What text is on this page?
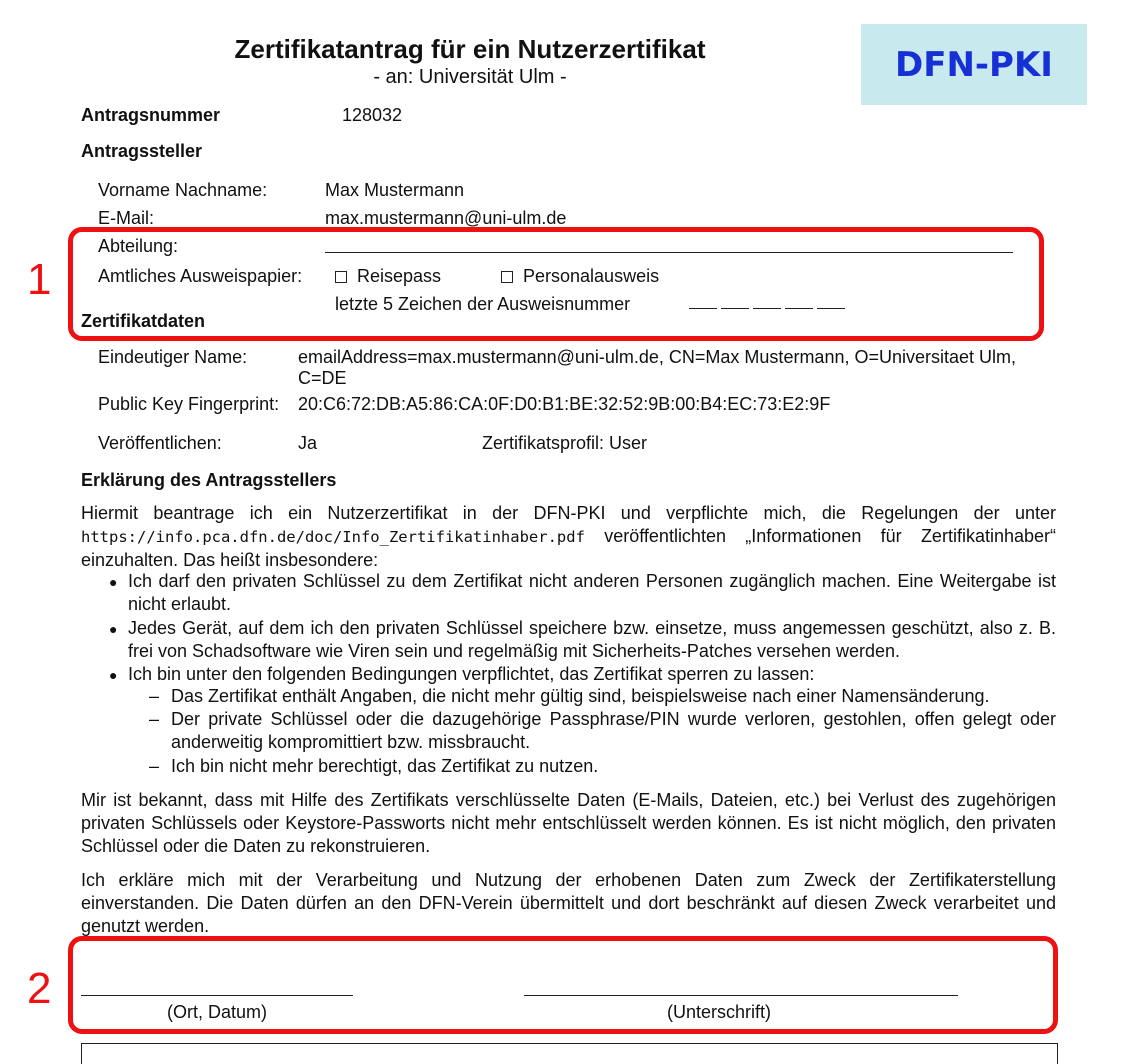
Zertifikatantrag für ein Nutzerzertifikat
- an: Universität Ulm -	DFN-PKI
Antragsnummer	128032
Antragssteller
Vorname Nachname:	Max Mustermann
E-Mail:	max.mustermann@uni-ulm.de
Abteilung:
Amtliches Ausweispapier:	Reisepass	Personalausweis
letzte 5 Zeichen der Ausweisnummer
Zertifikatdaten
Eindeutiger Name:	emailAddress=max.mustermann@uni-ulm.de, CN=Max Mustermann, O=Universitaet Ulm,
C=DE
Public Key Fingerprint: 20:C6:72:DB:A5:86:CA:0F:D0:B1:BE:32:52:9B:00:B4:EC:73:E2:9F
Veröffentlichen:	Ja	Zertifikatsprofil: User
Erklärung des Antragsstellers
Hiermit beantrage ich ein Nutzerzertifikat in der DFN-PKI und verpflichte mich, die Regelungen der unter https://info.pca.dfn.de/doc/Info_Zertifikatinhaber.pdf veröffentlichten „Informationen für Zertifikatinhaber“ einzuhalten. Das heißt insbesondere:
● Ich darf den privaten Schlüssel zu dem Zertifikat nicht anderen Personen zugänglich machen. Eine Weitergabe ist nicht erlaubt.
● Jedes Gerät, auf dem ich den privaten Schlüssel speichere bzw. einsetze, muss angemessen geschützt, also z. B. frei von Schadsoftware wie Viren sein und regelmäßig mit Sicherheits-Patches versehen werden.
● Ich bin unter den folgenden Bedingungen verpflichtet, das Zertifikat sperren zu lassen:
– Das Zertifikat enthält Angaben, die nicht mehr gültig sind, beispielsweise nach einer Namensänderung.
– Der private Schlüssel oder die dazugehörige Passphrase/PIN wurde verloren, gestohlen, offen gelegt oder anderweitig kompromittiert bzw. missbraucht.
– Ich bin nicht mehr berechtigt, das Zertifikat zu nutzen.
Mir ist bekannt, dass mit Hilfe des Zertifikats verschlüsselte Daten (E-Mails, Dateien, etc.) bei Verlust des zugehörigen privaten Schlüssels oder Keystore-Passworts nicht mehr entschlüsselt werden können. Es ist nicht möglich, den privaten Schlüssel oder die Daten zu rekonstruieren.
Ich erkläre mich mit der Verarbeitung und Nutzung der erhobenen Daten zum Zweck der Zertifikaterstellung einverstanden. Die Daten dürfen an den DFN-Verein übermittelt und dort beschränkt auf diesen Zweck verarbeitet und genutzt werden.
(Ort, Datum)	(Unterschrift)
1
2
